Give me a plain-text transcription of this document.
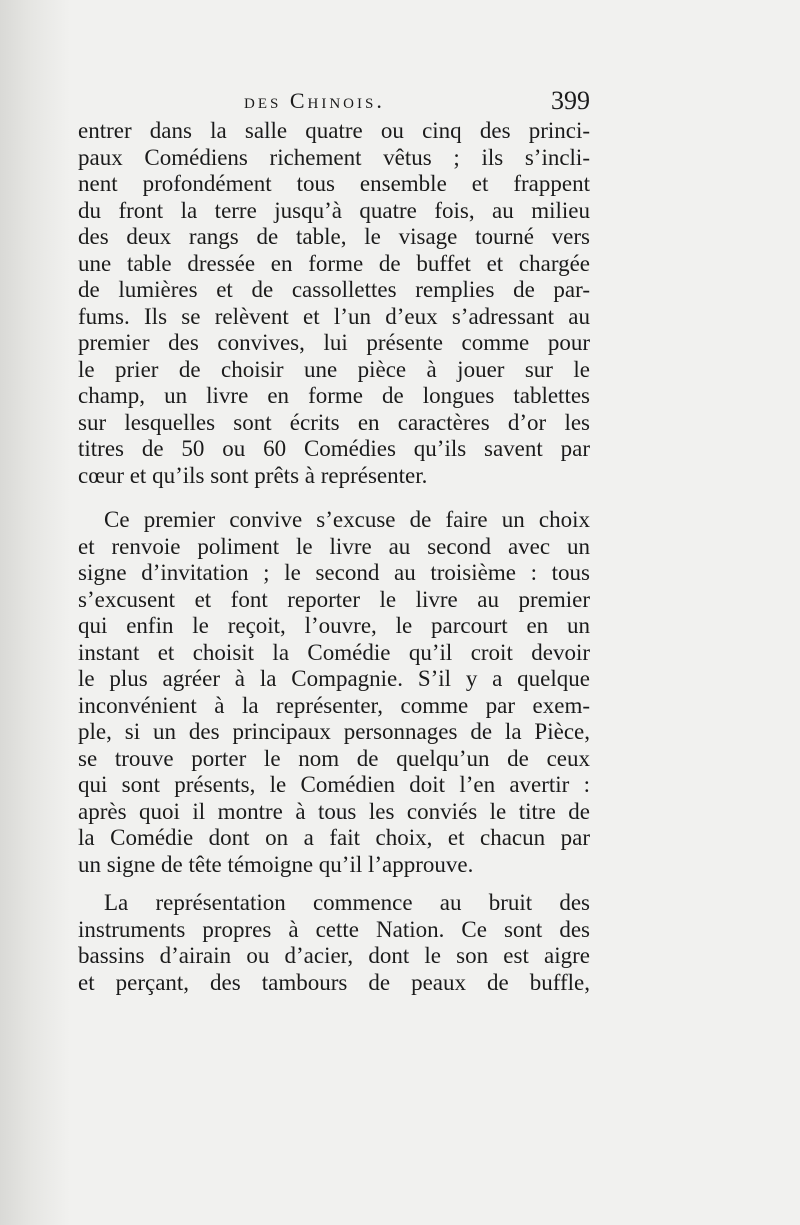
des Chinois.	399
entrer dans la salle quatre ou cinq des princi-
paux Comédiens richement vêtus ; ils s’incli-
nent profondément tous ensemble et frappent
du front la terre jusqu’à quatre fois, au milieu
des deux rangs de table, le visage tourné vers
une table dressée en forme de buffet et chargée
de lumières et de cassollettes remplies de par-
fums. Ils se relèvent et l’un d’eux s’adressant au
premier des convives, lui présente comme pour
le prier de choisir une pièce à jouer sur le
champ, un livre en forme de longues tablettes
sur lesquelles sont écrits en caractères d’or les
titres de 50 ou 60 Comédies qu’ils savent par
cœur et qu’ils sont prêts à représenter.
Ce premier convive s’excuse de faire un choix
et renvoie poliment le livre au second avec un
signe d’invitation ; le second au troisième : tous
s’excusent et font reporter le livre au premier
qui enfin le reçoit, l’ouvre, le parcourt en un
instant et choisit la Comédie qu’il croit devoir
le plus agréer à la Compagnie. S’il y a quelque
inconvénient à la représenter, comme par exem-
ple, si un des principaux personnages de la Pièce,
se trouve porter le nom de quelqu’un de ceux
qui sont présents, le Comédien doit l’en avertir :
après quoi il montre à tous les conviés le titre de
la Comédie dont on a fait choix, et chacun par
un signe de tête témoigne qu’il l’approuve.
La représentation commence au bruit des
instruments propres à cette Nation. Ce sont des
bassins d’airain ou d’acier, dont le son est aigre
et perçant, des tambours de peaux de buffle,
